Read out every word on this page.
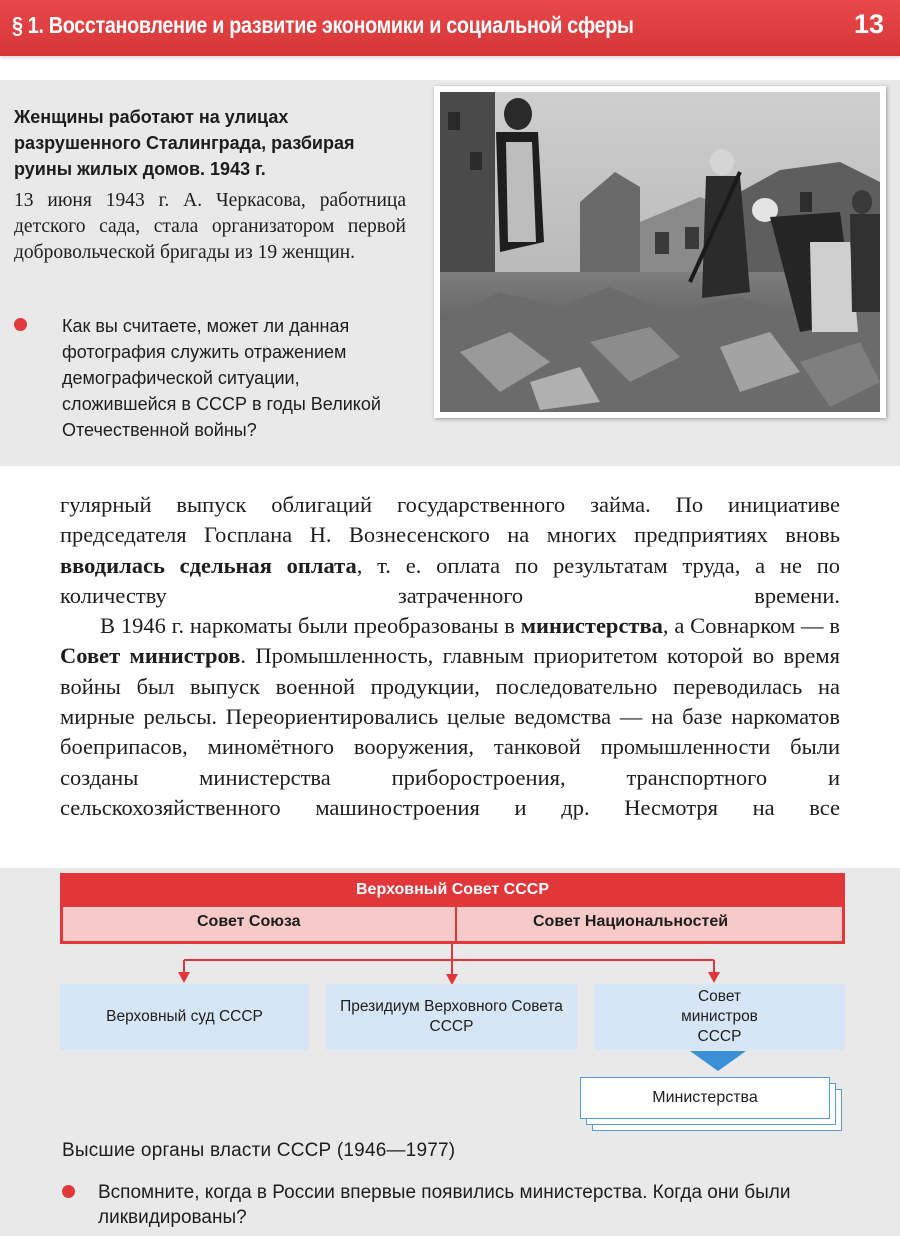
§ 1. Восстановление и развитие экономики и социальной сферы	13
Женщины работают на улицах разрушенного Сталинграда, разбирая руины жилых домов. 1943 г.
13 июня 1943 г. А. Черкасова, работница детского сада, стала организатором первой добровольческой бригады из 19 женщин.
Как вы считаете, может ли данная фотография служить отражением демографической ситуации, сложившейся в СССР в годы Великой Отечественной войны?

гулярный выпуск облигаций государственного займа. По инициативе председателя Госплана Н. Вознесенского на многих предприятиях вновь вводилась сдельная оплата, т. е. оплата по результатам труда, а не по количеству затраченного времени.

В 1946 г. наркоматы были преобразованы в министерства, а Совнарком — в Совет министров. Промышленность, главным приоритетом которой во время войны был выпуск военной продукции, последовательно переводилась на мирные рельсы. Переориентировались целые ведомства — на базе наркоматов боеприпасов, миномётного вооружения, танковой промышленности были созданы министерства приборостроения, транспортного и сельскохозяйственного машиностроения и др. Несмотря на все

Верховный Совет СССР
Совет Союза	Совет Национальностей
Верховный суд СССР
Президиум Верховного Совета СССР
Совет министров СССР
Министерства
Высшие органы власти СССР (1946—1977)
Вспомните, когда в России впервые появились министерства. Когда они были ликвидированы?
